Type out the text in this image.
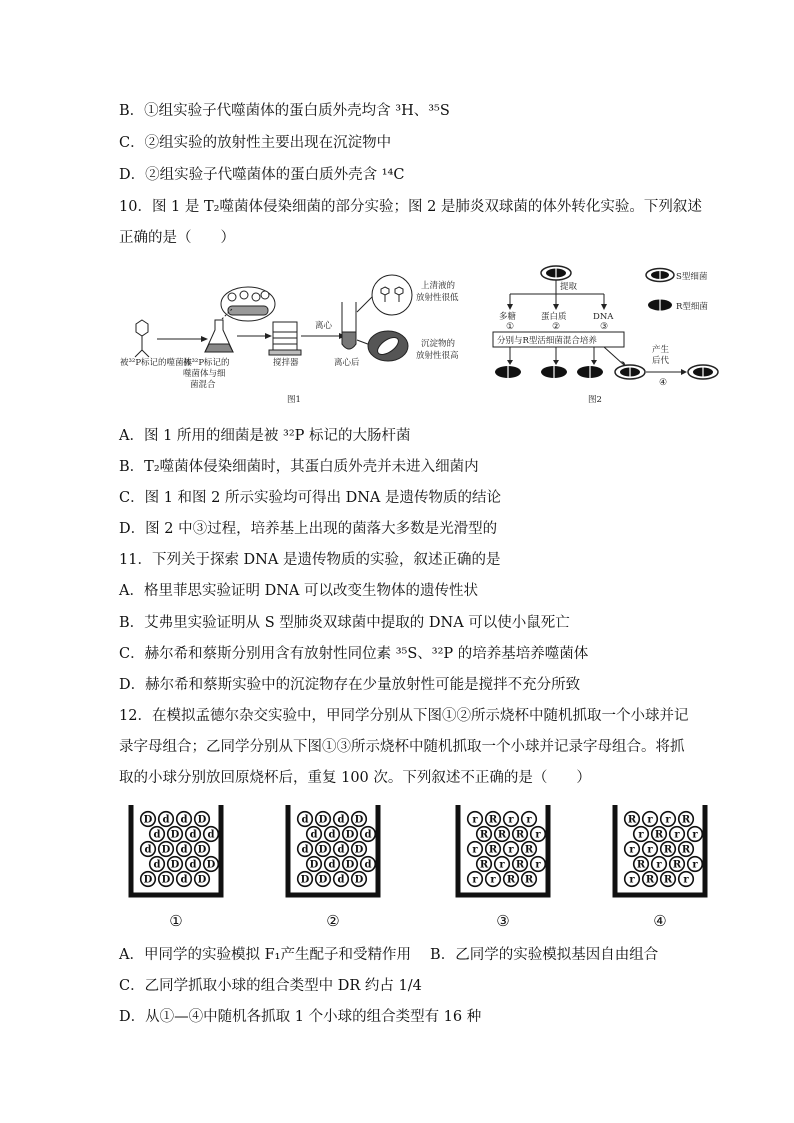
B．①组实验子代噬菌体的蛋白质外壳均含 ³H、³⁵S
C．②组实验的放射性主要出现在沉淀物中
D．②组实验子代噬菌体的蛋白质外壳含 ¹⁴C
10．图 1 是 T₂噬菌体侵染细菌的部分实验；图 2 是肺炎双球菌的体外转化实验。下列叙述
正确的是（　　）
被³²P标记的噬菌体
被³²P标记的
噬菌体与细
菌混合
搅拌器
离心
离心后
上清液的
放射性很低
沉淀物的
放射性很高
图1
提取
多糖
①
蛋白质
②
DNA
③
分别与R型活细菌混合培养
产生
后代
④
S型细菌
R型细菌
图2
A．图 1 所用的细菌是被 ³²P 标记的大肠杆菌
B．T₂噬菌体侵染细菌时，其蛋白质外壳并未进入细菌内
C．图 1 和图 2 所示实验均可得出 DNA 是遗传物质的结论
D．图 2 中③过程，培养基上出现的菌落大多数是光滑型的
11．下列关于探索 DNA 是遗传物质的实验，叙述正确的是
A．格里菲思实验证明 DNA 可以改变生物体的遗传性状
B．艾弗里实验证明从 S 型肺炎双球菌中提取的 DNA 可以使小鼠死亡
C．赫尔希和蔡斯分别用含有放射性同位素 ³⁵S、³²P 的培养基培养噬菌体
D．赫尔希和蔡斯实验中的沉淀物存在少量放射性可能是搅拌不充分所致
12．在模拟孟德尔杂交实验中，甲同学分别从下图①②所示烧杯中随机抓取一个小球并记
录字母组合；乙同学分别从下图①③所示烧杯中随机抓取一个小球并记录字母组合。将抓
取的小球分别放回原烧杯后，重复 100 次。下列叙述不正确的是（　　）
D d d D
d D d d
d D d D
d D d D
D D d D
①
d D d D
d d D d
d D d D
D d D d
D D d D
②
r R r r
R R R r
r R r R
R r R r
r r R R
③
R r r R
r R r r
r r R R
R r R r
r R R r
④
A．甲同学的实验模拟 F₁产生配子和受精作用　 B．乙同学的实验模拟基因自由组合
C．乙同学抓取小球的组合类型中 DR 约占 1/4
D．从①—④中随机各抓取 1 个小球的组合类型有 16 种
